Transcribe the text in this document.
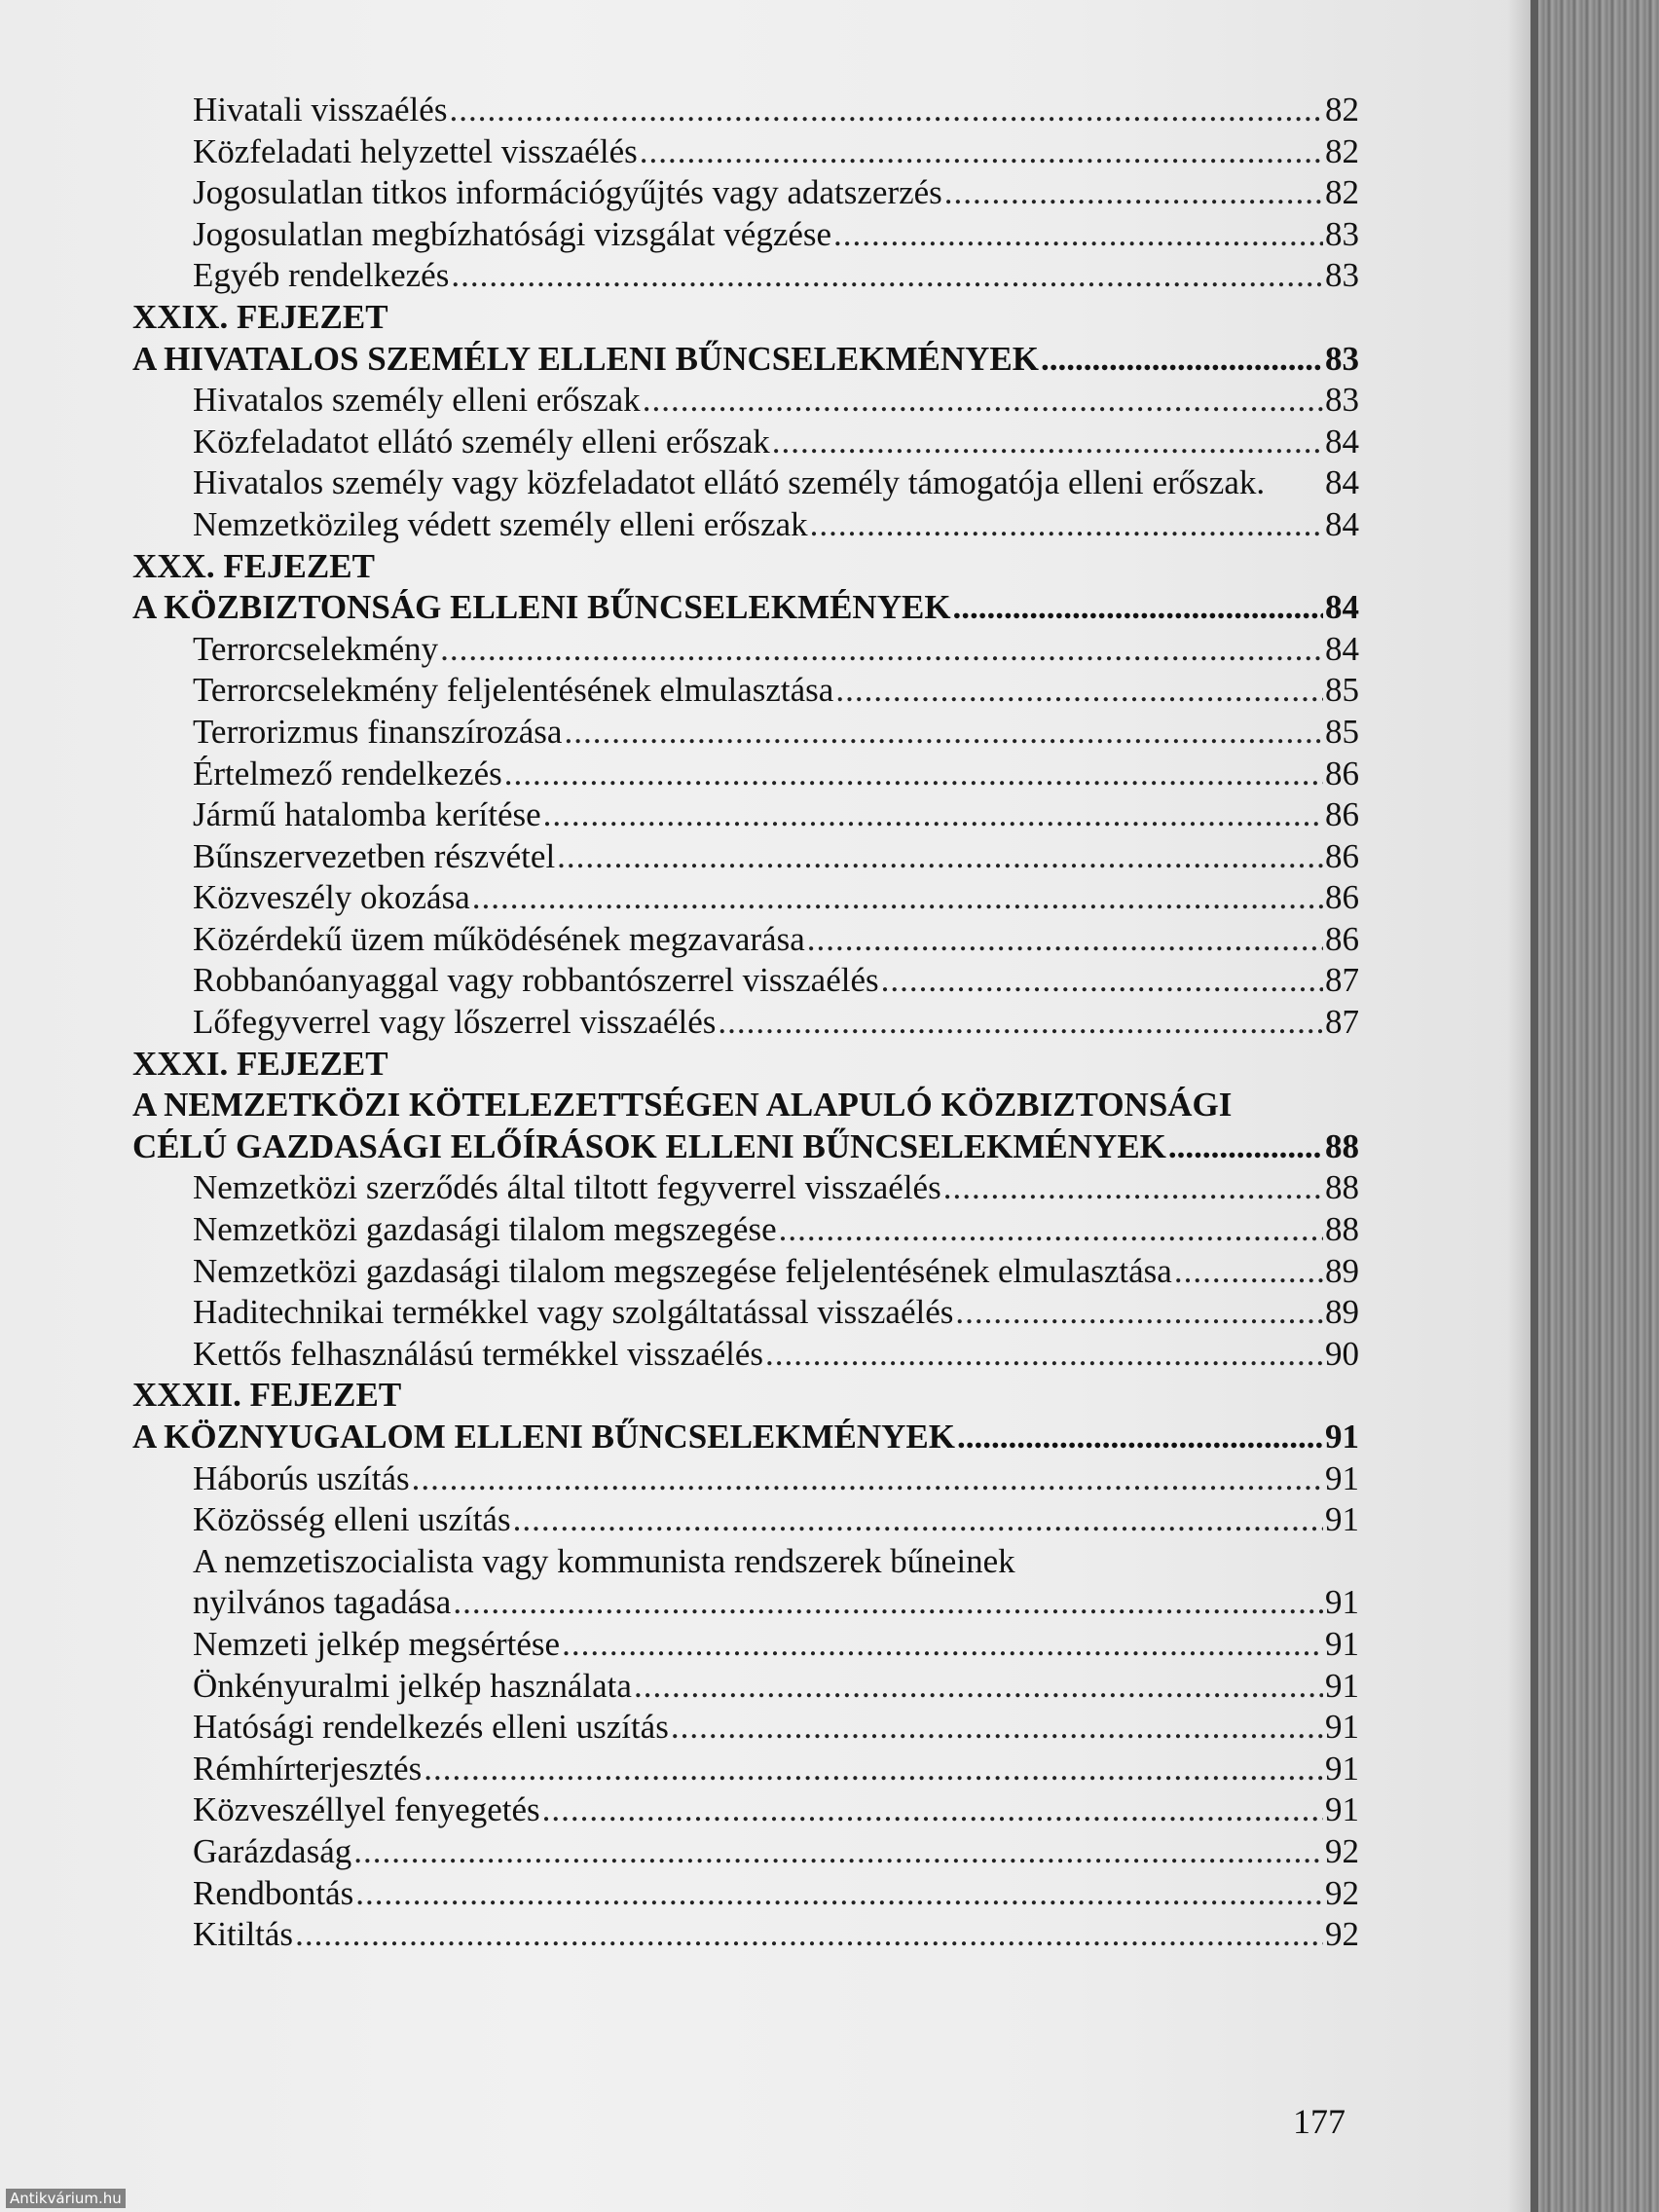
Hivatali visszaélés .....	82
Közfeladati helyzettel visszaélés .....	82
Jogosulatlan titkos információgyűjtés vagy adatszerzés .....	82
Jogosulatlan megbízhatósági vizsgálat végzése .....	83
Egyéb rendelkezés .....	83
XXIX. FEJEZET
A HIVATALOS SZEMÉLY ELLENI BŰNCSELEKMÉNYEK .....	83
Hivatalos személy elleni erőszak .....	83
Közfeladatot ellátó személy elleni erőszak .....	84
Hivatalos személy vagy közfeladatot ellátó személy támogatója elleni erőszak. 84
Nemzetközileg védett személy elleni erőszak .....	84
XXX. FEJEZET
A KÖZBIZTONSÁG ELLENI BŰNCSELEKMÉNYEK .....	84
Terrorcselekmény .....	84
Terrorcselekmény feljelentésének elmulasztása .....	85
Terrorizmus finanszírozása .....	85
Értelmező rendelkezés .....	86
Jármű hatalomba kerítése .....	86
Bűnszervezetben részvétel .....	86
Közveszély okozása .....	86
Közérdekű üzem működésének megzavarása .....	86
Robbanóanyaggal vagy robbantószerrel visszaélés .....	87
Lőfegyverrel vagy lőszerrel visszaélés .....	87
XXXI. FEJEZET
A NEMZETKÖZI KÖTELEZETTSÉGEN ALAPULÓ KÖZBIZTONSÁGI
CÉLÚ GAZDASÁGI ELŐÍRÁSOK ELLENI BŰNCSELEKMÉNYEK .....	88
Nemzetközi szerződés által tiltott fegyverrel visszaélés .....	88
Nemzetközi gazdasági tilalom megszegése .....	88
Nemzetközi gazdasági tilalom megszegése feljelentésének elmulasztása .....	89
Haditechnikai termékkel vagy szolgáltatással visszaélés .....	89
Kettős felhasználású termékkel visszaélés .....	90
XXXII. FEJEZET
A KÖZNYUGALOM ELLENI BŰNCSELEKMÉNYEK .....	91
Háborús uszítás .....	91
Közösség elleni uszítás .....	91
A nemzetiszocialista vagy kommunista rendszerek bűneinek
nyilvános tagadása .....	91
Nemzeti jelkép megsértése .....	91
Önkényuralmi jelkép használata .....	91
Hatósági rendelkezés elleni uszítás .....	91
Rémhírterjesztés .....	91
Közveszéllyel fenyegetés .....	91
Garázdaság .....	92
Rendbontás .....	92
Kitiltás .....	92
177
Antikvárium.hu
